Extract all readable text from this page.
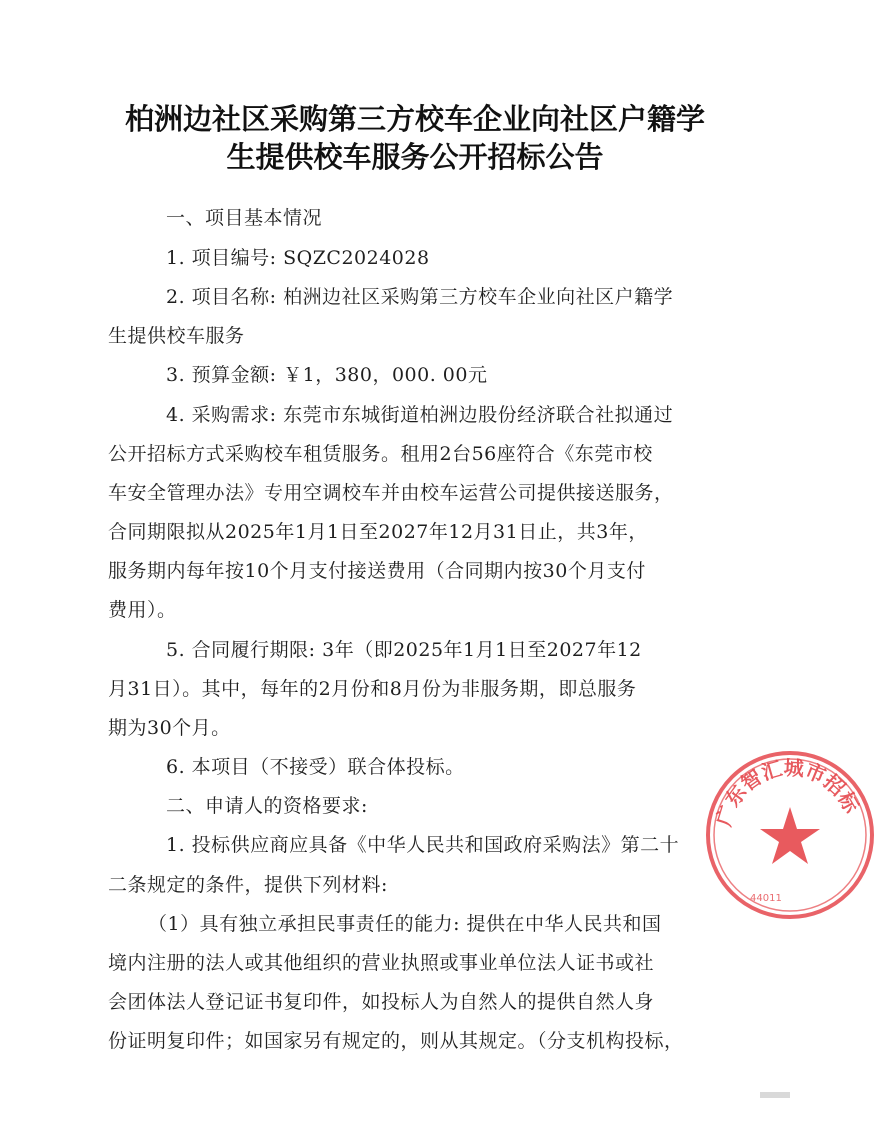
柏洲边社区采购第三方校车企业向社区户籍学
生提供校车服务公开招标公告
一、项目基本情况
1. 项目编号: SQZC2024028
2. 项目名称: 柏洲边社区采购第三方校车企业向社区户籍学
生提供校车服务
3. 预算金额: ￥1，380，000. 00元
4. 采购需求: 东莞市东城街道柏洲边股份经济联合社拟通过
公开招标方式采购校车租赁服务。租用2台56座符合《东莞市校
车安全管理办法》专用空调校车并由校车运营公司提供接送服务，
合同期限拟从2025年1月1日至2027年12月31日止，共3年，
服务期内每年按10个月支付接送费用（合同期内按30个月支付
费用）。
5. 合同履行期限: 3年（即2025年1月1日至2027年12
月31日）。其中，每年的2月份和8月份为非服务期，即总服务
期为30个月。
6. 本项目（不接受）联合体投标。
二、申请人的资格要求:
1. 投标供应商应具备《中华人民共和国政府采购法》第二十
二条规定的条件，提供下列材料:
（1）具有独立承担民事责任的能力: 提供在中华人民共和国
境内注册的法人或其他组织的营业执照或事业单位法人证书或社
会团体法人登记证书复印件，如投标人为自然人的提供自然人身
份证明复印件；如国家另有规定的，则从其规定。（分支机构投标，
广东智汇城市招标
44011
